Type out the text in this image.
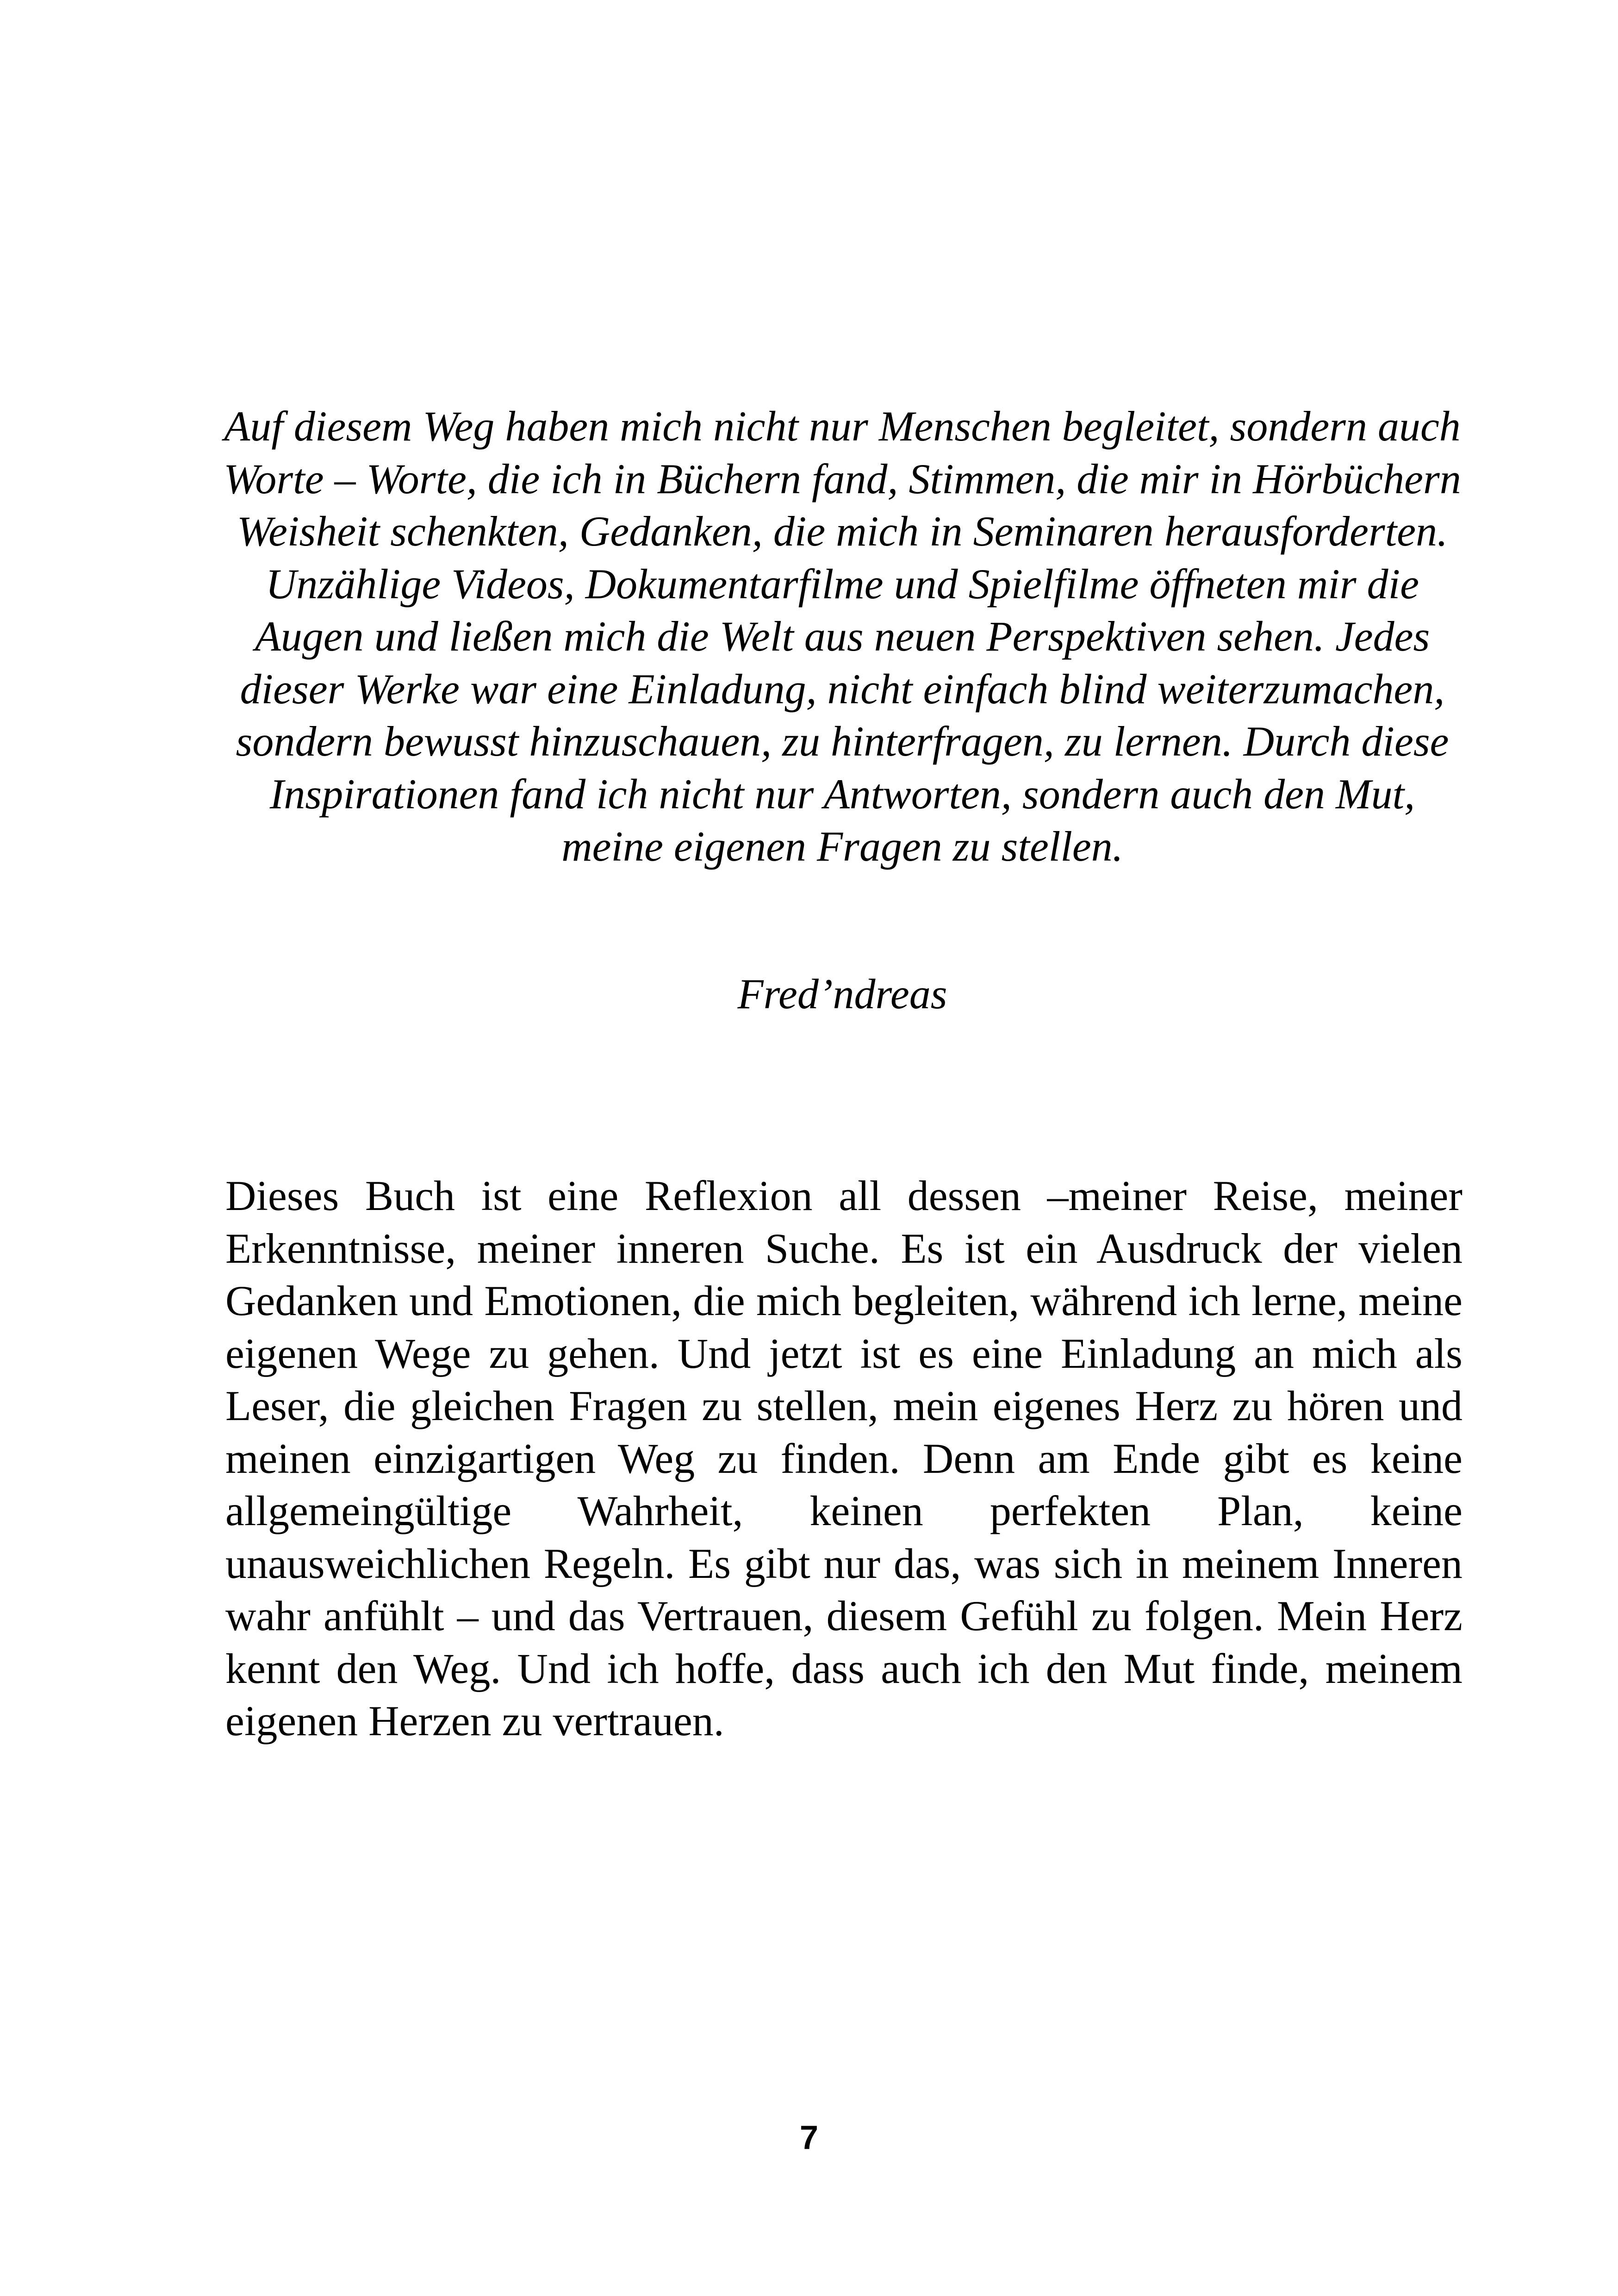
Auf diesem Weg haben mich nicht nur Menschen begleitet, sondern auch Worte – Worte, die ich in Büchern fand, Stimmen, die mir in Hörbüchern Weisheit schenkten, Gedanken, die mich in Seminaren herausforderten. Unzählige Videos, Dokumentarfilme und Spielfilme öffneten mir die Augen und ließen mich die Welt aus neuen Perspektiven sehen. Jedes dieser Werke war eine Einladung, nicht einfach blind weiterzumachen, sondern bewusst hinzuschauen, zu hinterfragen, zu lernen. Durch diese Inspirationen fand ich nicht nur Antworten, sondern auch den Mut, meine eigenen Fragen zu stellen.

Fred’ndreas

Dieses Buch ist eine Reflexion all dessen –meiner Reise, meiner Erkenntnisse, meiner inneren Suche. Es ist ein Ausdruck der vielen Gedanken und Emotionen, die mich begleiten, während ich lerne, meine eigenen Wege zu gehen. Und jetzt ist es eine Einladung an mich als Leser, die gleichen Fragen zu stellen, mein eigenes Herz zu hören und meinen einzigartigen Weg zu finden. Denn am Ende gibt es keine allgemeingültige Wahrheit, keinen perfekten Plan, keine unausweichlichen Regeln. Es gibt nur das, was sich in meinem Inneren wahr anfühlt – und das Vertrauen, diesem Gefühl zu folgen. Mein Herz kennt den Weg. Und ich hoffe, dass auch ich den Mut finde, meinem eigenen Herzen zu vertrauen.

7
